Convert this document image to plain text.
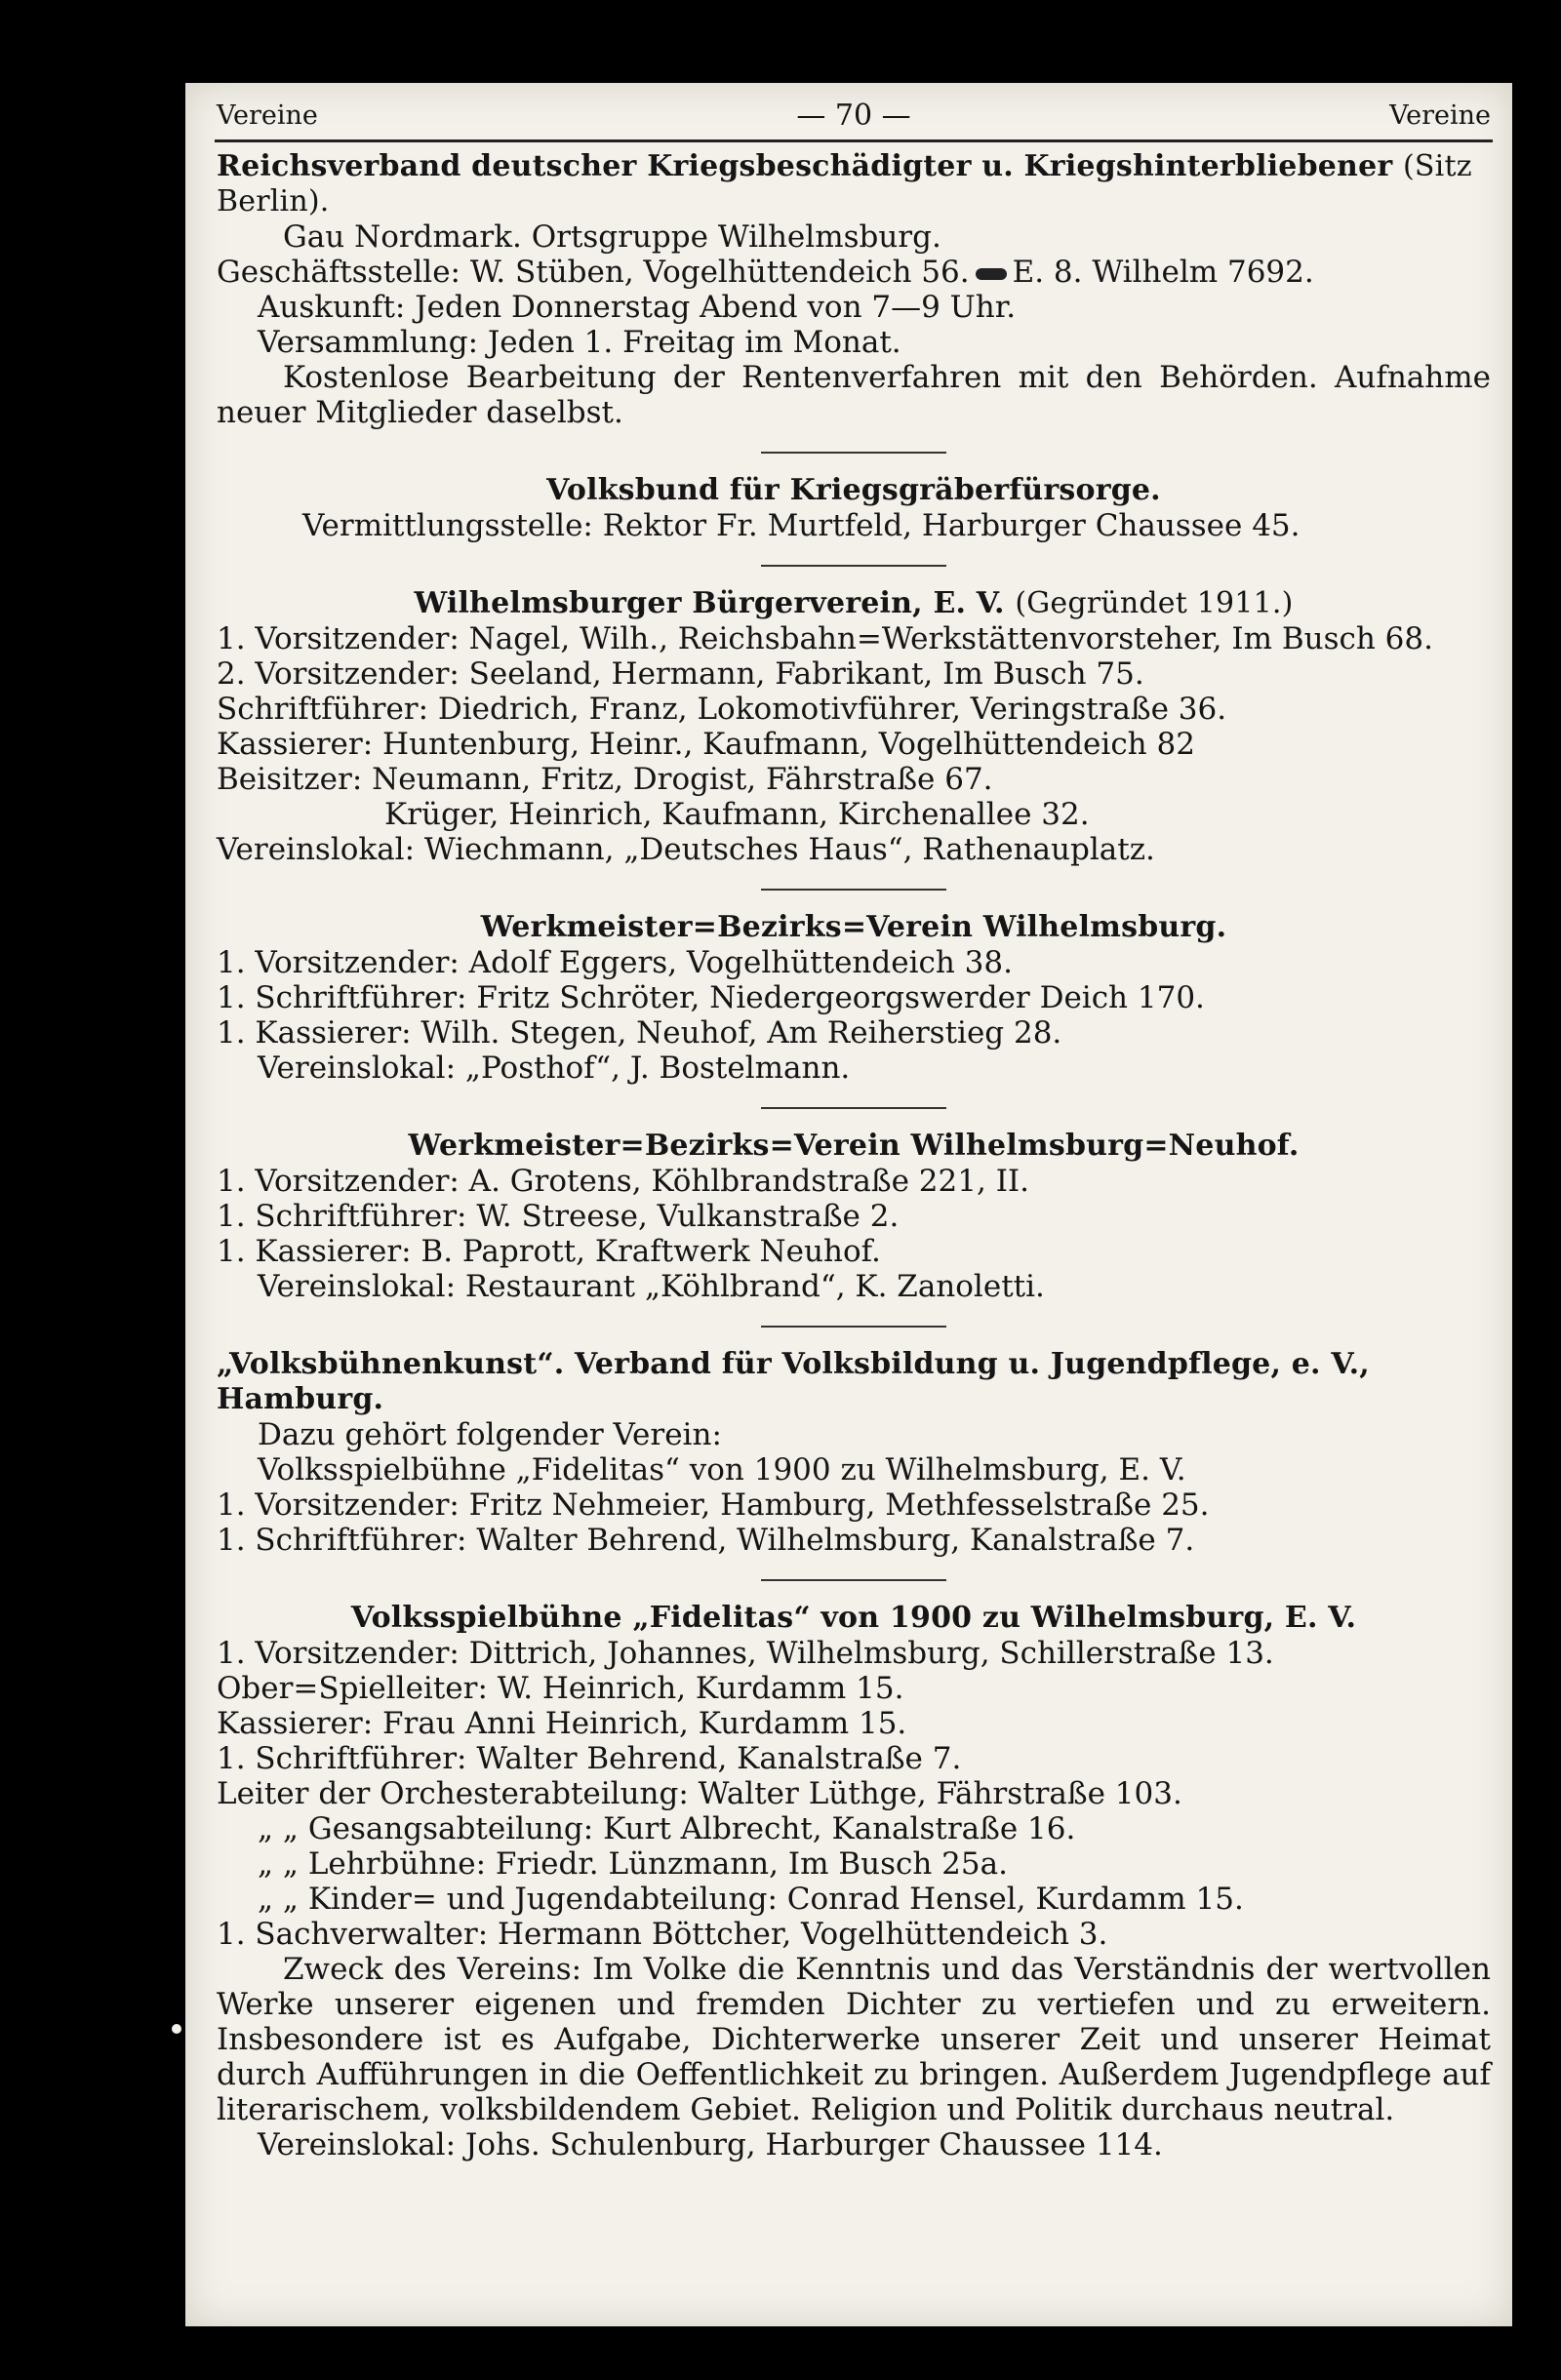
Vereine	— 70 —	Vereine
Reichsverband deutscher Kriegsbeschädigter u. Kriegshinterbliebener (Sitz Berlin).
Gau Nordmark. Ortsgruppe Wilhelmsburg.
Geschäftsstelle: W. Stüben, Vogelhüttendeich 56. E. 8. Wilhelm 7692.
Auskunft: Jeden Donnerstag Abend von 7—9 Uhr.
Versammlung: Jeden 1. Freitag im Monat.
Kostenlose Bearbeitung der Rentenverfahren mit den Behörden. Aufnahme neuer Mitglieder daselbst.
Volksbund für Kriegsgräberfürsorge.
Vermittlungsstelle: Rektor Fr. Murtfeld, Harburger Chaussee 45.
Wilhelmsburger Bürgerverein, E. V. (Gegründet 1911.)
1. Vorsitzender: Nagel, Wilh., Reichsbahn=Werkstättenvorsteher, Im Busch 68.
2. Vorsitzender: Seeland, Hermann, Fabrikant, Im Busch 75.
Schriftführer: Diedrich, Franz, Lokomotivführer, Veringstraße 36.
Kassierer: Huntenburg, Heinr., Kaufmann, Vogelhüttendeich 82
Beisitzer: Neumann, Fritz, Drogist, Fährstraße 67.
Krüger, Heinrich, Kaufmann, Kirchenallee 32.
Vereinslokal: Wiechmann, „Deutsches Haus“, Rathenauplatz.
Werkmeister=Bezirks=Verein Wilhelmsburg.
1. Vorsitzender: Adolf Eggers, Vogelhüttendeich 38.
1. Schriftführer: Fritz Schröter, Niedergeorgswerder Deich 170.
1. Kassierer: Wilh. Stegen, Neuhof, Am Reiherstieg 28.
Vereinslokal: „Posthof“, J. Bostelmann.
Werkmeister=Bezirks=Verein Wilhelmsburg=Neuhof.
1. Vorsitzender: A. Grotens, Köhlbrandstraße 221, II.
1. Schriftführer: W. Streese, Vulkanstraße 2.
1. Kassierer: B. Paprott, Kraftwerk Neuhof.
Vereinslokal: Restaurant „Köhlbrand“, K. Zanoletti.
„Volksbühnenkunst“. Verband für Volksbildung u. Jugendpflege, e. V., Hamburg.
Dazu gehört folgender Verein:
Volksspielbühne „Fidelitas“ von 1900 zu Wilhelmsburg, E. V.
1. Vorsitzender: Fritz Nehmeier, Hamburg, Methfesselstraße 25.
1. Schriftführer: Walter Behrend, Wilhelmsburg, Kanalstraße 7.
Volksspielbühne „Fidelitas“ von 1900 zu Wilhelmsburg, E. V.
1. Vorsitzender: Dittrich, Johannes, Wilhelmsburg, Schillerstraße 13.
Ober=Spielleiter: W. Heinrich, Kurdamm 15.
Kassierer: Frau Anni Heinrich, Kurdamm 15.
1. Schriftführer: Walter Behrend, Kanalstraße 7.
Leiter der Orchesterabteilung: Walter Lüthge, Fährstraße 103.
„ „ Gesangsabteilung: Kurt Albrecht, Kanalstraße 16.
„ „ Lehrbühne: Friedr. Lünzmann, Im Busch 25a.
„ „ Kinder= und Jugendabteilung: Conrad Hensel, Kurdamm 15.
1. Sachverwalter: Hermann Böttcher, Vogelhüttendeich 3.
Zweck des Vereins: Im Volke die Kenntnis und das Verständnis der wertvollen Werke unserer eigenen und fremden Dichter zu vertiefen und zu erweitern. Insbesondere ist es Aufgabe, Dichterwerke unserer Zeit und unserer Heimat durch Aufführungen in die Oeffentlichkeit zu bringen. Außerdem Jugendpflege auf literarischem, volksbildendem Gebiet. Religion und Politik durchaus neutral.
Vereinslokal: Johs. Schulenburg, Harburger Chaussee 114.
